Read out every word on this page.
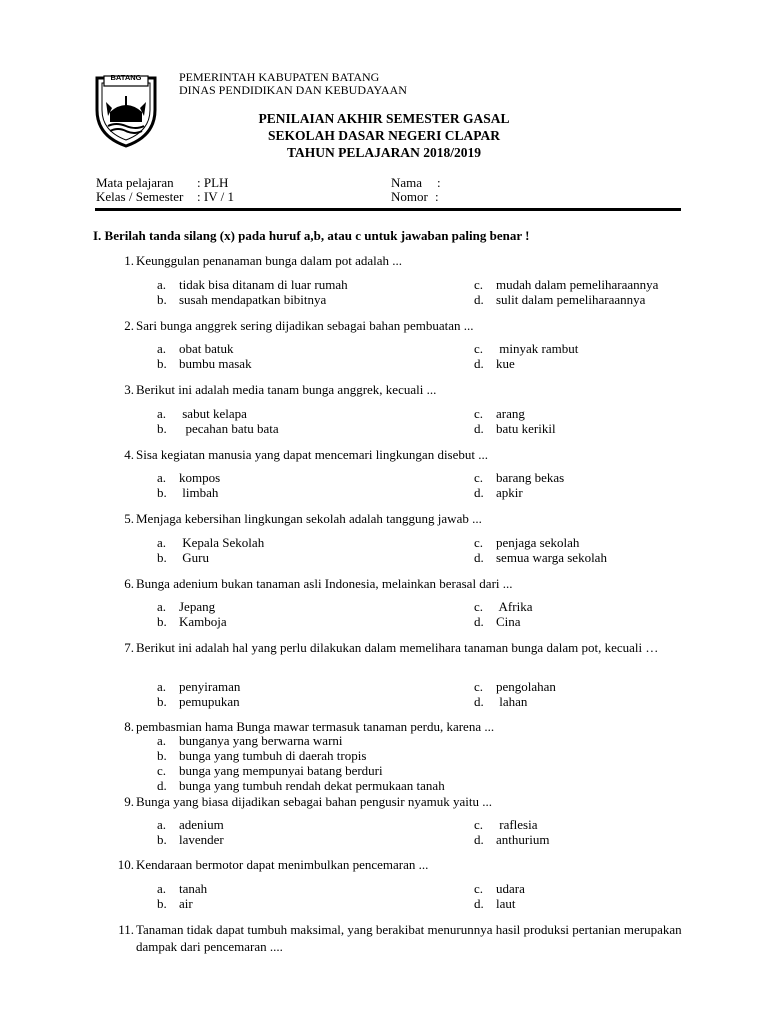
BATANG	PEMERINTAH KABUPATEN BATANG
DINAS PENDIDIKAN DAN KEBUDAYAAN
PENILAIAN AKHIR SEMESTER GASAL
SEKOLAH DASAR NEGERI CLAPAR
TAHUN PELAJARAN 2018/2019
Mata pelajaran : PLH
Kelas / Semester : IV / 1
Nama :
Nomor :
I. Berilah tanda silang (x) pada huruf a,b, atau c untuk jawaban paling benar !
1. Keunggulan penanaman bunga dalam pot adalah ...
a. tidak bisa ditanam di luar rumah
b. susah mendapatkan bibitnya
c. mudah dalam pemeliharaannya
d. sulit dalam pemeliharaannya
2. Sari bunga anggrek sering dijadikan sebagai bahan pembuatan ...
a. obat batuk
b. bumbu masak
c. minyak rambut
d. kue
3. Berikut ini adalah media tanam bunga anggrek, kecuali ...
a. sabut kelapa
b.  pecahan batu bata
c. arang
d. batu kerikil
4. Sisa kegiatan manusia yang dapat mencemari lingkungan disebut ...
a. kompos
b. limbah
c. barang bekas
d. apkir
5. Menjaga kebersihan lingkungan sekolah adalah tanggung jawab ...
a. Kepala Sekolah
b. Guru
c. penjaga sekolah
d. semua warga sekolah
6. Bunga adenium bukan tanaman asli Indonesia, melainkan berasal dari ...
a. Jepang
b. Kamboja
c. Afrika
d. Cina
7. Berikut ini adalah hal yang perlu dilakukan dalam memelihara tanaman bunga dalam pot, kecuali …
a. penyiraman
b. pemupukan
c. pengolahan
d. lahan
8. pembasmian hama Bunga mawar termasuk tanaman perdu, karena ...
a. bunganya yang berwarna warni
b. bunga yang tumbuh di daerah tropis
c. bunga yang mempunyai batang berduri
d. bunga yang tumbuh rendah dekat permukaan tanah
9. Bunga yang biasa dijadikan sebagai bahan pengusir nyamuk yaitu ...
a. adenium
b. lavender
c. raflesia
d. anthurium
10. Kendaraan bermotor dapat menimbulkan pencemaran ...
a. tanah
b. air
c. udara
d. laut
11. Tanaman tidak dapat tumbuh maksimal, yang berakibat menurunnya hasil produksi pertanian merupakan dampak dari pencemaran ....
